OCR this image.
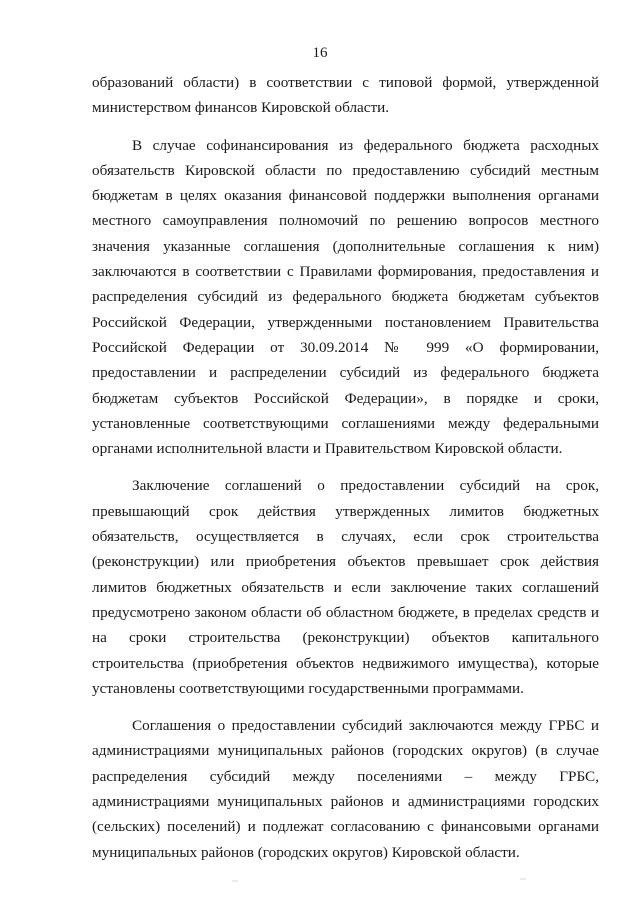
16

образований области) в соответствии с типовой формой, утвержденной министерством финансов Кировской области.

В случае софинансирования из федерального бюджета расходных обязательств Кировской области по предоставлению субсидий местным бюджетам в целях оказания финансовой поддержки выполнения органами местного самоуправления полномочий по решению вопросов местного значения указанные соглашения (дополнительные соглашения к ним) заключаются в соответствии с Правилами формирования, предоставления и распределения субсидий из федерального бюджета бюджетам субъектов Российской Федерации, утвержденными постановлением Правительства Российской Федерации от 30.09.2014 № 999 «О формировании, предоставлении и распределении субсидий из федерального бюджета бюджетам субъектов Российской Федерации», в порядке и сроки, установленные соответствующими соглашениями между федеральными органами исполнительной власти и Правительством Кировской области.

Заключение соглашений о предоставлении субсидий на срок, превышающий срок действия утвержденных лимитов бюджетных обязательств, осуществляется в случаях, если срок строительства (реконструкции) или приобретения объектов превышает срок действия лимитов бюджетных обязательств и если заключение таких соглашений предусмотрено законом области об областном бюджете, в пределах средств и на сроки строительства (реконструкции) объектов капитального строительства (приобретения объектов недвижимого имущества), которые установлены соответствующими государственными программами.

Соглашения о предоставлении субсидий заключаются между ГРБС и администрациями муниципальных районов (городских округов) (в случае распределения субсидий между поселениями – между ГРБС, администрациями муниципальных районов и администрациями городских (сельских) поселений) и подлежат согласованию с финансовыми органами муниципальных районов (городских округов) Кировской области.

⋯	⋯
